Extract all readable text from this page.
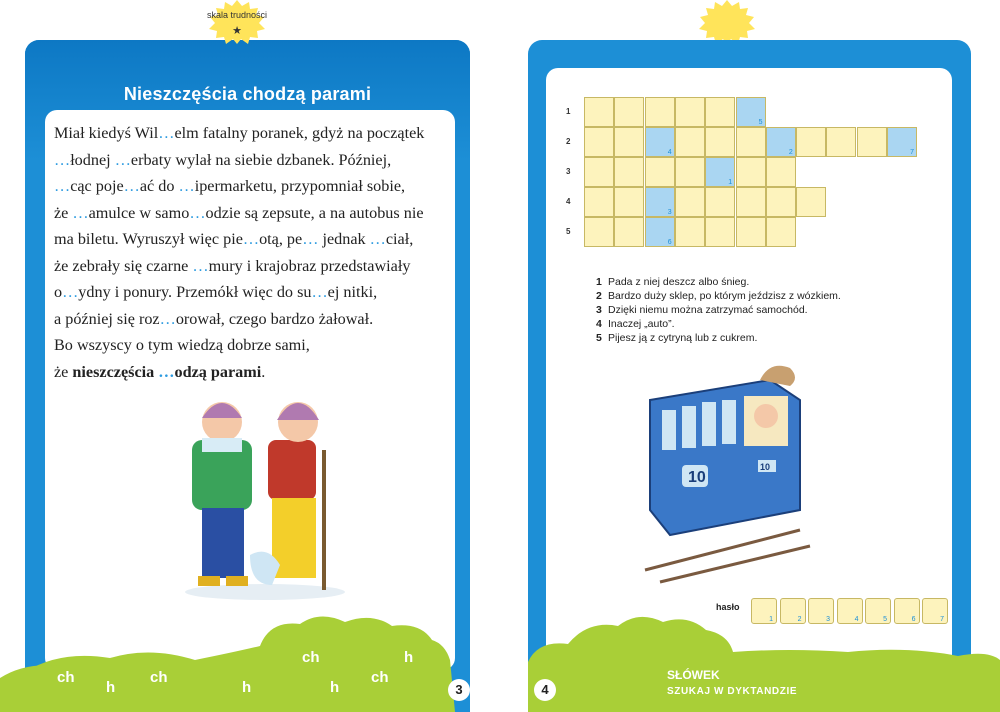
Nieszczęścia chodzą parami
Miał kiedyś Wil…elm fatalny poranek, gdyż na początek
…łodnej …erbaty wylał na siebie dzbanek. Później,
…cąc poje…ać do …ipermarketu, przypomniał sobie,
że …amulce w samo…odzie są zepsute, a na autobus nie
ma biletu. Wyruszył więc pie…otą, pe… jednak …ciał,
że zebrały się czarne …mury i krajobraz przedstawiały
o…ydny i ponury. Przemókł więc do su…ej nitki,
a później się roz…orował, czego bardzo żałował.
Bo wszyscy o tym wiedzą dobrze sami,
że nieszczęścia …odzą parami.
skala trudności
★
ch
h
ch
h
ch
h
ch
h
3
1
5
2
4	2	7
3
1
4
3
5
6
1 Pada z niej deszcz albo śnieg.
2 Bardzo duży sklep, po którym jeździsz z wózkiem.
3 Dzięki niemu można zatrzymać samochód.
4 Inaczej „auto”.
5 Pijesz ją z cytryną lub z cukrem.
10
10
hasło
1	2	3	4	5	6	7
4
SŁÓWEK
SZUKAJ W DYKTANDZIE
